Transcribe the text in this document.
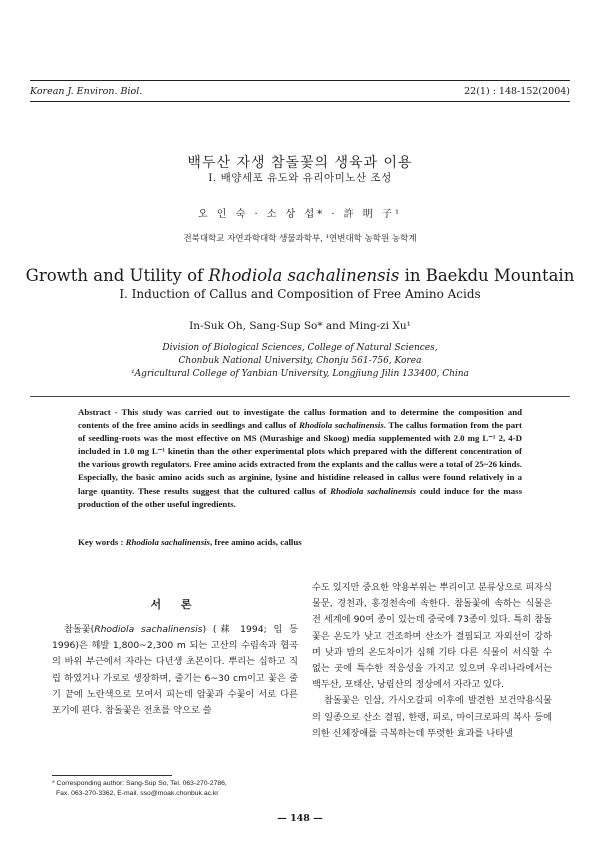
Korean J. Environ. Biol.	22(1) : 148-152(2004)
백두산 자생 참돌꽃의 생육과 이용
I. 배양세포 유도와 유리아미노산 조성
오 인 숙 · 소 상 섭* · 許 明 子¹
전북대학교 자연과학대학 생물과학부, ¹연변대학 농학원 농학계
Growth and Utility of Rhodiola sachalinensis in Baekdu Mountain
I. Induction of Callus and Composition of Free Amino Acids
In-Suk Oh, Sang-Sup So* and Ming-zi Xu¹
Division of Biological Sciences, College of Natural Sciences,
Chonbuk National University, Chonju 561-756, Korea
¹Agricultural College of Yanbian University, Longjiung Jilin 133400, China
Abstract - This study was carried out to investigate the callus formation and to determine the composition and contents of the free amino acids in seedlings and callus of Rhodiola sachalinensis. The callus formation from the part of seedling-roots was the most effective on MS (Murashige and Skoog) media supplemented with 2.0 mg L⁻¹ 2, 4-D included in 1.0 mg L⁻¹ kinetin than the other experimental plots which prepared with the different concentration of the various growth regulators. Free amino acids extracted from the explants and the callus were a total of 25~26 kinds. Especially, the basic amino acids such as arginine, lysine and histidine released in callus were found relatively in a large quantity. These results suggest that the cultured callus of Rhodiola sachalinensis could induce for the mass production of the other useful ingredients.
Key words : Rhodiola sachalinensis, free amino acids, callus
서 론

참돌꽃(Rhodiola sachalinensis) (䔉 1994; 임 등 1996)은 해발 1,800~2,300 m 되는 고산의 수림속과 협곡의 바위 부근에서 자라는 다년생 초본이다. 뿌리는 십하고 직립 하였거나 가로로 생장하며, 줄기는 6~30 cm이고 꽃은 줄기 끝에 노란색으로 모여서 피는데 암꽃과 수꽃이 서로 다른 포기에 핀다. 참돌꽃은 전초를 약으로 쓸

수도 있지만 중요한 약용부위는 뿌리이고 분류상으로 피자식물문, 경천과, 홍경천속에 속한다. 참돌꽃에 속하는 식물은 전 세계에 90여 종이 있는데 중국에 73종이 있다. 특히 참돌꽃은 온도가 낮고 건조하며 산소가 결핍되고 자외선이 강하며 낮과 밤의 온도차이가 심해 기타 다른 식물이 서식할 수 없는 곳에 특수한 적응성을 가지고 있으며 우리나라에서는 백두산, 포태산, 낭림산의 정상에서 자라고 있다.

참돌꽃은 인삼, 가시오갈피 이후에 발견한 보건약용식물의 일종으로 산소 결핍, 한랭, 피로, 마이크로파의 복사 등에 의한 신체장애를 극복하는데 뚜렷한 효과를 나타낼

* Corresponding author: Sang-Sup So, Tel. 063-270-2786,
Fax. 063-270-3362, E-mail. sso@moak.chonbuk.ac.kr
— 148 —
